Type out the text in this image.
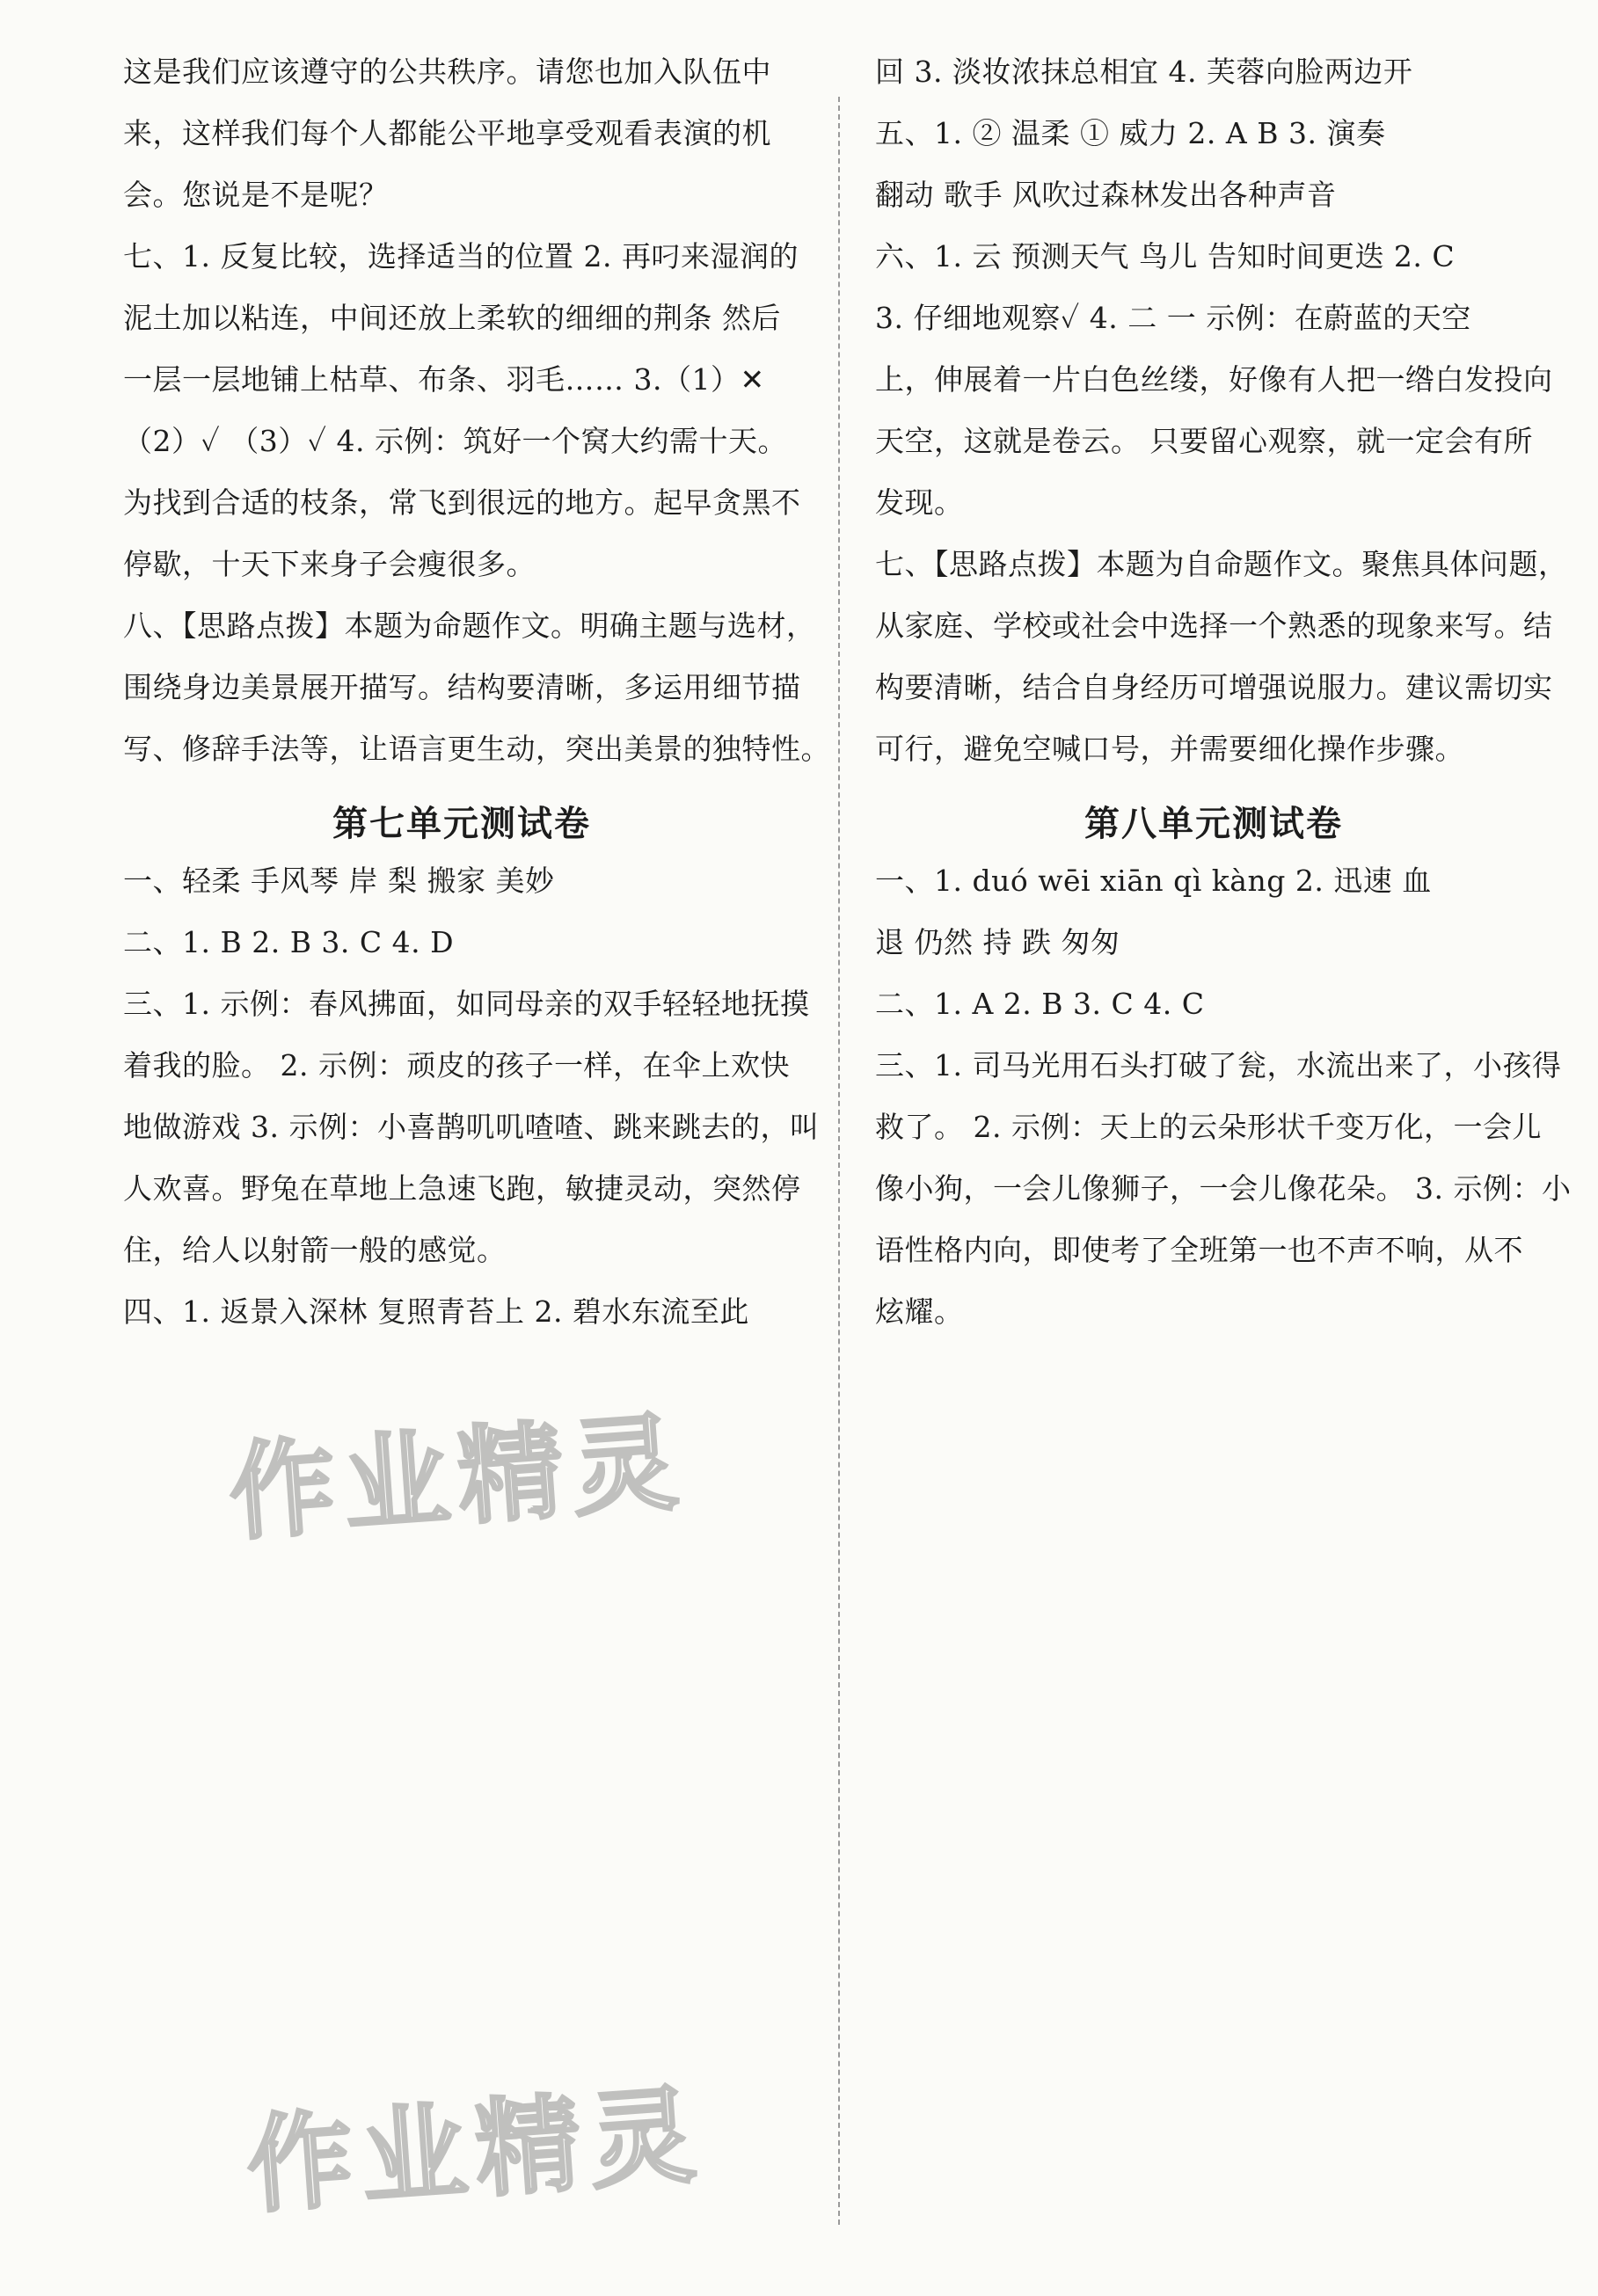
这是我们应该遵守的公共秩序。请您也加入队伍中
来，这样我们每个人都能公平地享受观看表演的机
会。您说是不是呢？
七、1. 反复比较，选择适当的位置 2. 再叼来湿润的
泥土加以粘连，中间还放上柔软的细细的荆条 然后
一层一层地铺上枯草、布条、羽毛…… 3.（1）✕
（2）✓ （3）✓ 4. 示例：筑好一个窝大约需十天。
为找到合适的枝条，常飞到很远的地方。起早贪黑不
停歇，十天下来身子会瘦很多。
八、【思路点拨】本题为命题作文。明确主题与选材，
围绕身边美景展开描写。结构要清晰，多运用细节描
写、修辞手法等，让语言更生动，突出美景的独特性。
第七单元测试卷
一、轻柔 手风琴 岸 梨 搬家 美妙
二、1. B 2. B 3. C 4. D
三、1. 示例：春风拂面，如同母亲的双手轻轻地抚摸
着我的脸。 2. 示例：顽皮的孩子一样，在伞上欢快
地做游戏 3. 示例：小喜鹊叽叽喳喳、跳来跳去的，叫
人欢喜。野兔在草地上急速飞跑，敏捷灵动，突然停
住，给人以射箭一般的感觉。
四、1. 返景入深林 复照青苔上 2. 碧水东流至此
回 3. 淡妆浓抹总相宜 4. 芙蓉向脸两边开
五、1. ② 温柔 ① 威力 2. A B 3. 演奏
翻动 歌手 风吹过森林发出各种声音
六、1. 云 预测天气 鸟儿 告知时间更迭 2. C
3. 仔细地观察✓ 4. 二 一 示例：在蔚蓝的天空
上，伸展着一片白色丝缕，好像有人把一绺白发投向
天空，这就是卷云。 只要留心观察，就一定会有所
发现。
七、【思路点拨】本题为自命题作文。聚焦具体问题，
从家庭、学校或社会中选择一个熟悉的现象来写。结
构要清晰，结合自身经历可增强说服力。建议需切实
可行，避免空喊口号，并需要细化操作步骤。
第八单元测试卷
一、1. duó wēi xiān qì kàng 2. 迅速 血
退 仍然 持 跌 匆匆
二、1. A 2. B 3. C 4. C
三、1. 司马光用石头打破了瓮，水流出来了，小孩得
救了。 2. 示例：天上的云朵形状千变万化，一会儿
像小狗，一会儿像狮子，一会儿像花朵。 3. 示例：小
语性格内向，即使考了全班第一也不声不响，从不
炫耀。
作业精灵
作业精灵
